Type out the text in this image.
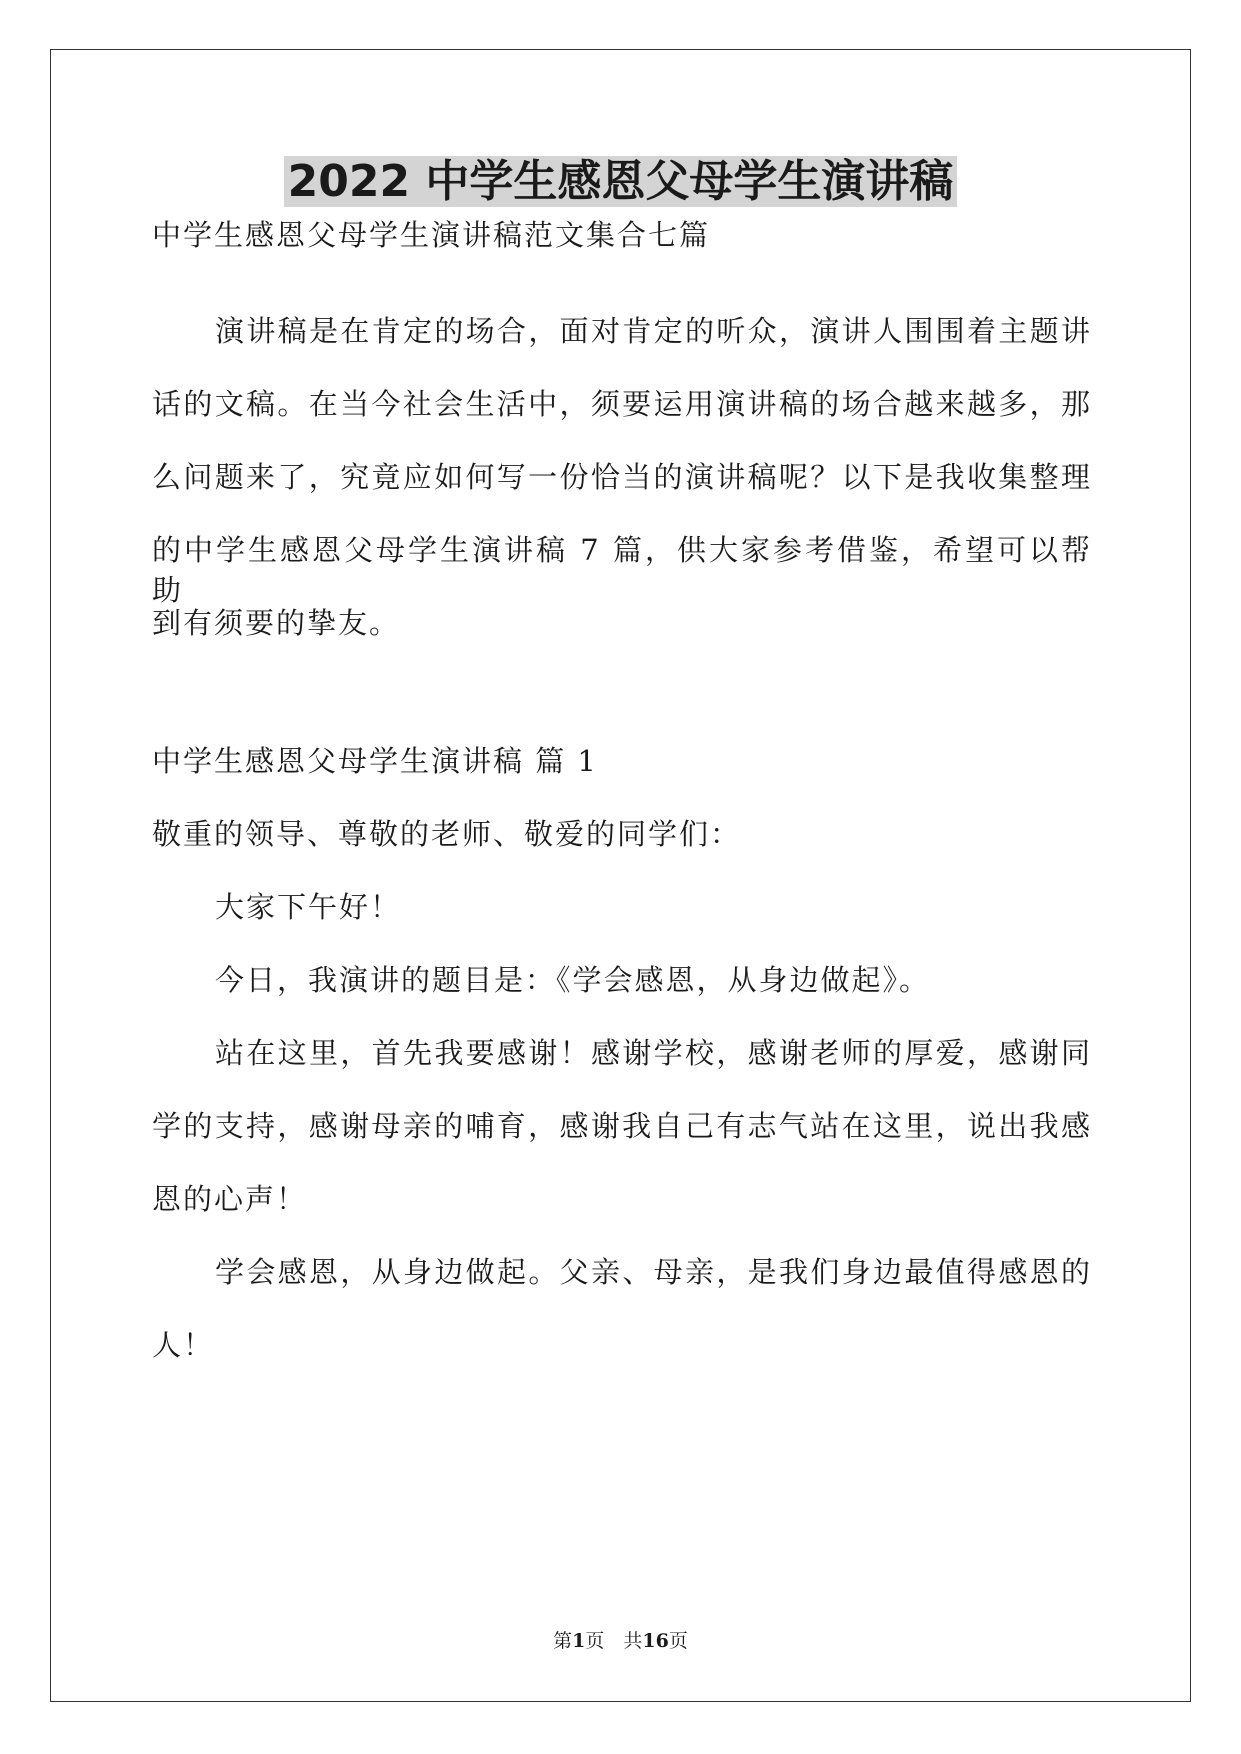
2022 中学生感恩父母学生演讲稿
中学生感恩父母学生演讲稿范文集合七篇
演讲稿是在肯定的场合，面对肯定的听众，演讲人围围着主题讲
话的文稿。在当今社会生活中，须要运用演讲稿的场合越来越多，那
么问题来了，究竟应如何写一份恰当的演讲稿呢？以下是我收集整理
的中学生感恩父母学生演讲稿 7 篇，供大家参考借鉴，希望可以帮助
到有须要的挚友。
中学生感恩父母学生演讲稿 篇 1
敬重的领导、尊敬的老师、敬爱的同学们：
大家下午好！
今日，我演讲的题目是：《学会感恩，从身边做起》。
站在这里，首先我要感谢！感谢学校，感谢老师的厚爱，感谢同
学的支持，感谢母亲的哺育，感谢我自己有志气站在这里，说出我感
恩的心声！
学会感恩，从身边做起。父亲、母亲，是我们身边最值得感恩的
人！
第1页　共16页
